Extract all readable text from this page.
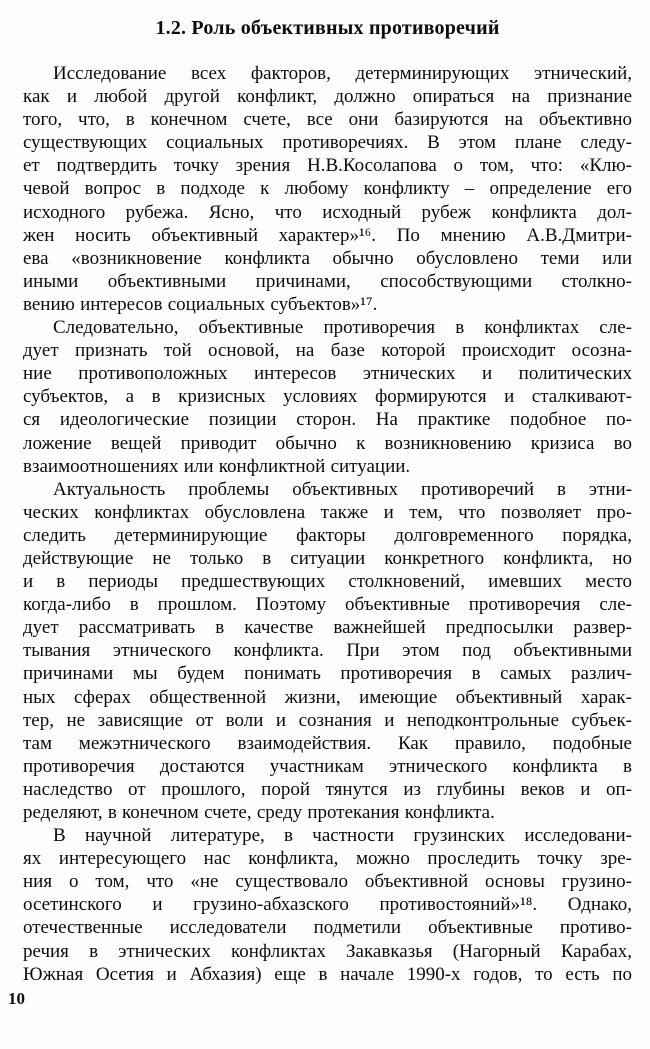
1.2. Роль объективных противоречий

Исследование всех факторов, детерминирующих этнический,
как и любой другой конфликт, должно опираться на признание
того, что, в конечном счете, все они базируются на объективно
существующих социальных противоречиях. В этом плане следу-
ет подтвердить точку зрения Н.В.Косолапова о том, что: «Клю-
чевой вопрос в подходе к любому конфликту – определение его
исходного рубежа. Ясно, что исходный рубеж конфликта дол-
жен носить объективный характер»¹⁶. По мнению А.В.Дмитри-
ева «возникновение конфликта обычно обусловлено теми или
иными объективными причинами, способствующими столкно-
вению интересов социальных субъектов»¹⁷.

Следовательно, объективные противоречия в конфликтах сле-
дует признать той основой, на базе которой происходит осозна-
ние противоположных интересов этнических и политических
субъектов, а в кризисных условиях формируются и сталкивают-
ся идеологические позиции сторон. На практике подобное по-
ложение вещей приводит обычно к возникновению кризиса во
взаимоотношениях или конфликтной ситуации.

Актуальность проблемы объективных противоречий в этни-
ческих конфликтах обусловлена также и тем, что позволяет про-
следить детерминирующие факторы долговременного порядка,
действующие не только в ситуации конкретного конфликта, но
и в периоды предшествующих столкновений, имевших место
когда-либо в прошлом. Поэтому объективные противоречия сле-
дует рассматривать в качестве важнейшей предпосылки развер-
тывания этнического конфликта. При этом под объективными
причинами мы будем понимать противоречия в самых различ-
ных сферах общественной жизни, имеющие объективный харак-
тер, не зависящие от воли и сознания и неподконтрольные субъек-
там межэтнического взаимодействия. Как правило, подобные
противоречия достаются участникам этнического конфликта в
наследство от прошлого, порой тянутся из глубины веков и оп-
ределяют, в конечном счете, среду протекания конфликта.

В научной литературе, в частности грузинских исследовани-
ях интересующего нас конфликта, можно проследить точку зре-
ния о том, что «не существовало объективной основы грузино-
осетинского и грузино-абхазского противостояний»¹⁸. Однако,
отечественные исследователи подметили объективные противо-
речия в этнических конфликтах Закавказья (Нагорный Карабах,
Южная Осетия и Абхазия) еще в начале 1990-х годов, то есть по

10
